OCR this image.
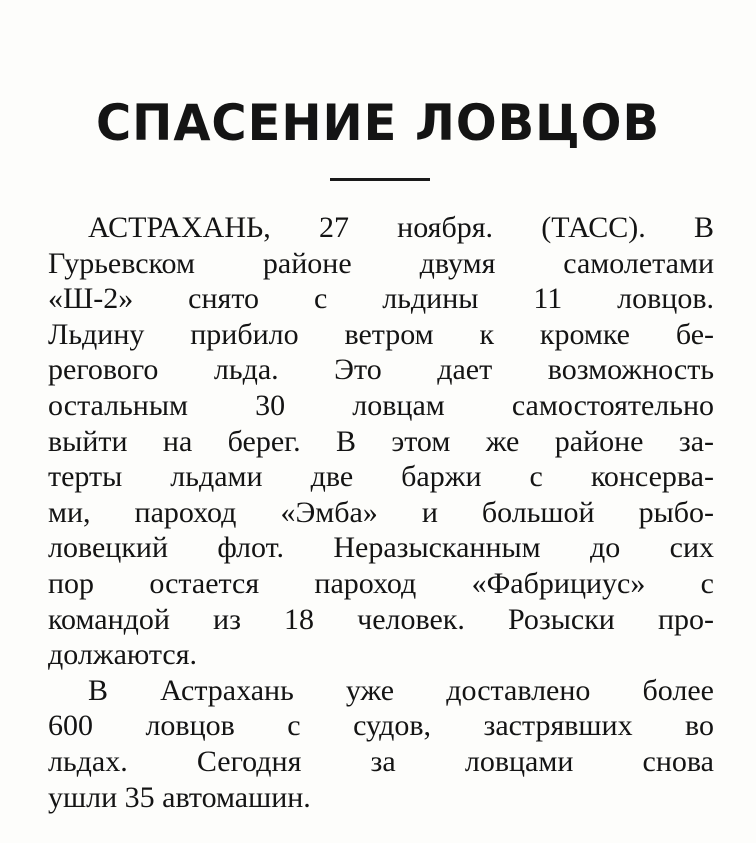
СПАСЕНИЕ ЛОВЦОВ
АСТРАХАНЬ, 27 ноября. (ТАСС). В
Гурьевском районе двумя самолетами
«Ш-2» снято с льдины 11 ловцов.
Льдину прибило ветром к кромке бе-
регового льда. Это дает возможность
остальным 30 ловцам самостоятельно
выйти на берег. В этом же районе за-
терты льдами две баржи с консерва-
ми, пароход «Эмба» и большой рыбо-
ловецкий флот. Неразысканным до сих
пор остается пароход «Фабрициус» с
командой из 18 человек. Розыски про-
должаются.
В Астрахань уже доставлено более
600 ловцов с судов, застрявших во
льдах. Сегодня за ловцами снова
ушли 35 автомашин.
